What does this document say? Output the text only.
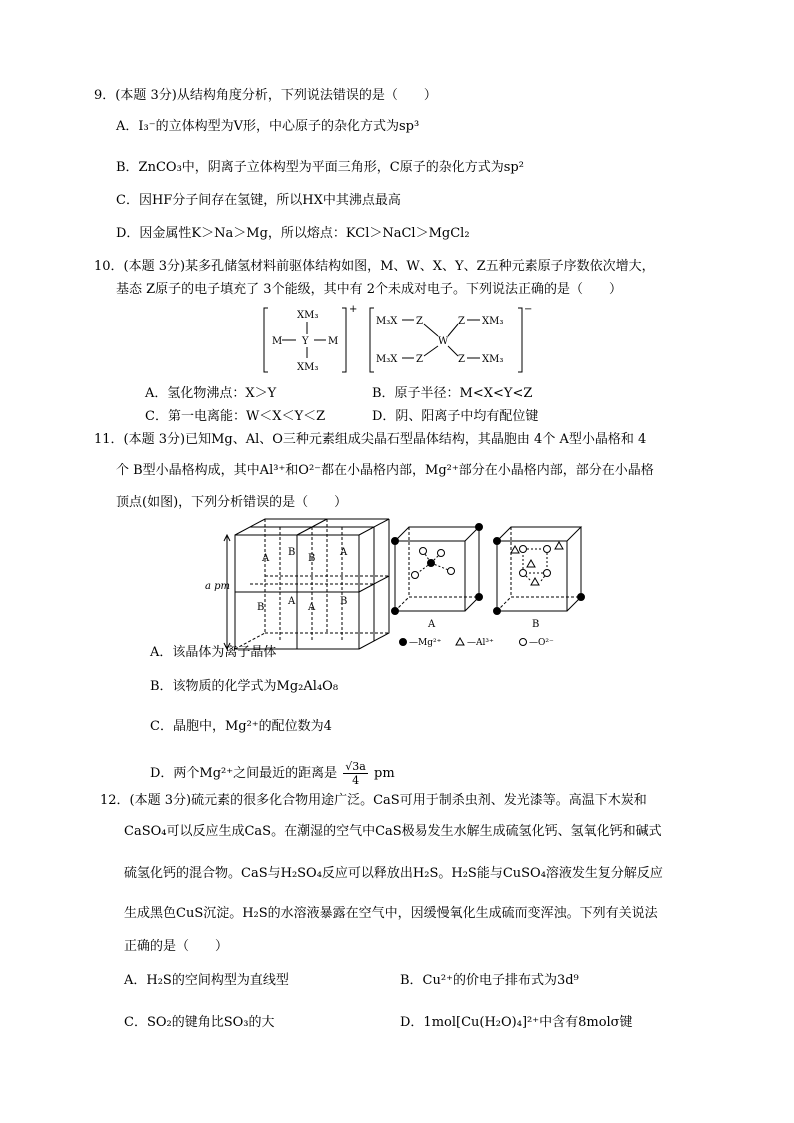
9．(本题 3分)从结构角度分析，下列说法错误的是（　　）
A．I₃⁻的立体构型为V形，中心原子的杂化方式为sp³
B．ZnCO₃中，阴离子立体构型为平面三角形，C原子的杂化方式为sp²
C．因HF分子间存在氢键，所以HX中其沸点最高
D．因金属性K＞Na＞Mg，所以熔点：KCl＞NaCl＞MgCl₂
10．(本题 3分)某多孔储氢材料前驱体结构如图，M、W、X、Y、Z五种元素原子序数依次增大，
基态 Z原子的电子填充了 3个能级，其中有 2个未成对电子。下列说法正确的是（　　）
+
XM₃
M Y M
XM₃
−
M₃X Z	Z XM₃
W
M₃X Z	Z XM₃
A．氢化物沸点：X＞Y	B．原子半径：M<X<Y<Z
C．第一电离能：W＜X＜Y＜Z	D．阴、阳离子中均有配位键
11．(本题 3分)已知Mg、Al、O三种元素组成尖晶石型晶体结构，其晶胞由 4个 A型小晶格和 4
个 B型小晶格构成，其中Al³⁺和O²⁻都在小晶格内部，Mg²⁺部分在小晶格内部，部分在小晶格
顶点(如图)，下列分析错误的是（　　）
A
B
B
A
B
A
A
B
a pm
A	B
—Mg²⁺	—Al³⁺	—O²⁻
A．该晶体为离子晶体
B．该物质的化学式为Mg₂Al₄O₈
C．晶胞中，Mg²⁺的配位数为4
D．两个Mg²⁺之间最近的距离是 $\frac{√3a}{4}$ pm
12．(本题 3分)硫元素的很多化合物用途广泛。CaS可用于制杀虫剂、发光漆等。高温下木炭和
CaSO₄可以反应生成CaS。在潮湿的空气中CaS极易发生水解生成硫氢化钙、氢氧化钙和碱式
硫氢化钙的混合物。CaS与H₂SO₄反应可以释放出H₂S。H₂S能与CuSO₄溶液发生复分解反应
生成黑色CuS沉淀。H₂S的水溶液暴露在空气中，因缓慢氧化生成硫而变浑浊。下列有关说法
正确的是（　　）
A．H₂S的空间构型为直线型	B．Cu²⁺的价电子排布式为3d⁹
C．SO₂的键角比SO₃的大	D．1mol[Cu(H₂O)₄]²⁺中含有8molσ键
